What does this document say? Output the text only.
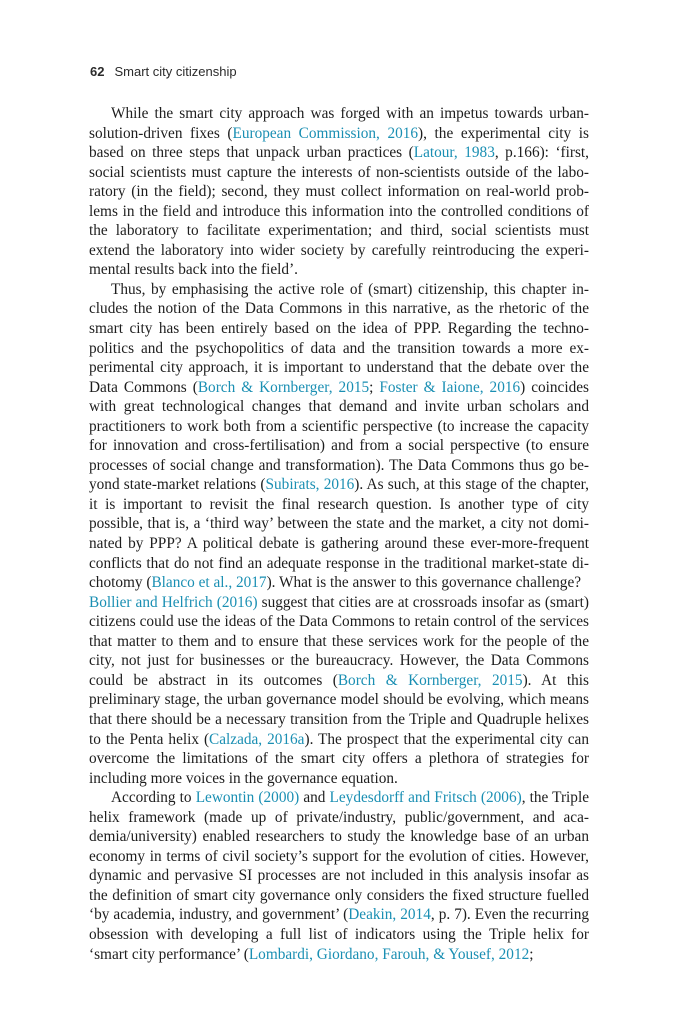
62 Smart city citizenship

While the smart city approach was forged with an impetus towards urban-solution-driven fixes (European Commission, 2016), the experimental city is based on three steps that unpack urban practices (Latour, 1983, p.166): ‘first, social scientists must capture the interests of non-scientists outside of the laboratory (in the field); second, they must collect information on real-world problems in the field and introduce this information into the controlled conditions of the laboratory to facilitate experimentation; and third, social scientists must extend the laboratory into wider society by carefully reintroducing the experimental results back into the field’.

Thus, by emphasising the active role of (smart) citizenship, this chapter includes the notion of the Data Commons in this narrative, as the rhetoric of the smart city has been entirely based on the idea of PPP. Regarding the techno-politics and the psychopolitics of data and the transition towards a more experimental city approach, it is important to understand that the debate over the Data Commons (Borch & Kornberger, 2015; Foster & Iaione, 2016) coincides with great technological changes that demand and invite urban scholars and practitioners to work both from a scientific perspective (to increase the capacity for innovation and cross-fertilisation) and from a social perspective (to ensure processes of social change and transformation). The Data Commons thus go beyond state-market relations (Subirats, 2016). As such, at this stage of the chapter, it is important to revisit the final research question. Is another type of city possible, that is, a ‘third way’ between the state and the market, a city not dominated by PPP? A political debate is gathering around these ever-more-frequent conflicts that do not find an adequate response in the traditional market-state dichotomy (Blanco et al., 2017). What is the answer to this governance challenge?

Bollier and Helfrich (2016) suggest that cities are at crossroads insofar as (smart) citizens could use the ideas of the Data Commons to retain control of the services that matter to them and to ensure that these services work for the people of the city, not just for businesses or the bureaucracy. However, the Data Commons could be abstract in its outcomes (Borch & Kornberger, 2015). At this preliminary stage, the urban governance model should be evolving, which means that there should be a necessary transition from the Triple and Quadruple helixes to the Penta helix (Calzada, 2016a). The prospect that the experimental city can overcome the limitations of the smart city offers a plethora of strategies for including more voices in the governance equation.

According to Lewontin (2000) and Leydesdorff and Fritsch (2006), the Triple helix framework (made up of private/industry, public/government, and academia/university) enabled researchers to study the knowledge base of an urban economy in terms of civil society’s support for the evolution of cities. However, dynamic and pervasive SI processes are not included in this analysis insofar as the definition of smart city governance only considers the fixed structure fuelled ‘by academia, industry, and government’ (Deakin, 2014, p. 7). Even the recurring obsession with developing a full list of indicators using the Triple helix for ‘smart city performance’ (Lombardi, Giordano, Farouh, & Yousef, 2012;
